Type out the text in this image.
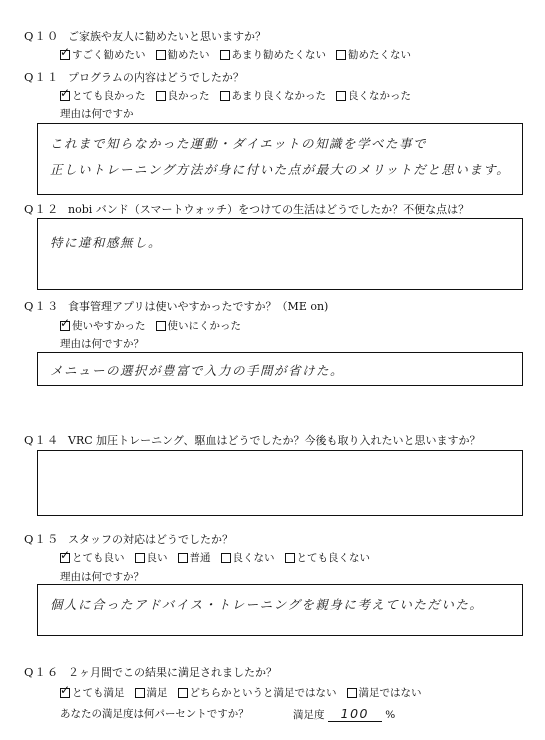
Q１０ ご家族や友人に勧めたいと思いますか？
✓
すごく勧めたい 勧めたい あまり勧めたくない 勧めたくない
Q１１ プログラムの内容はどうでしたか？
✓
とても良かった 良かった あまり良くなかった 良くなかった
理由は何ですか
これまで知らなかった運動・ダイエットの知識を学べた事で
正しいトレーニング方法が身に付いた点が最大のメリットだと思います。
Q１２ nobi バンド（スマートウォッチ）をつけての生活はどうでしたか？不便な点は？
特に違和感無し。
Q１３ 食事管理アプリは使いやすかったですか？（ME on)
✓
使いやすかった 使いにくかった
理由は何ですか？
メニューの選択が豊富で入力の手間が省けた。
Q１４ VRC 加圧トレーニング、駆血はどうでしたか？今後も取り入れたいと思いますか？
Q１５ スタッフの対応はどうでしたか？
✓
とても良い 良い 普通 良くない とても良くない
理由は何ですか？
個人に合ったアドバイス・トレーニングを親身に考えていただいた。
Q１６ ２ヶ月間でこの結果に満足されましたか？
✓
とても満足 満足 どちらかというと満足ではない 満足ではない
あなたの満足度は何パーセントですか？	満足度 100 %
